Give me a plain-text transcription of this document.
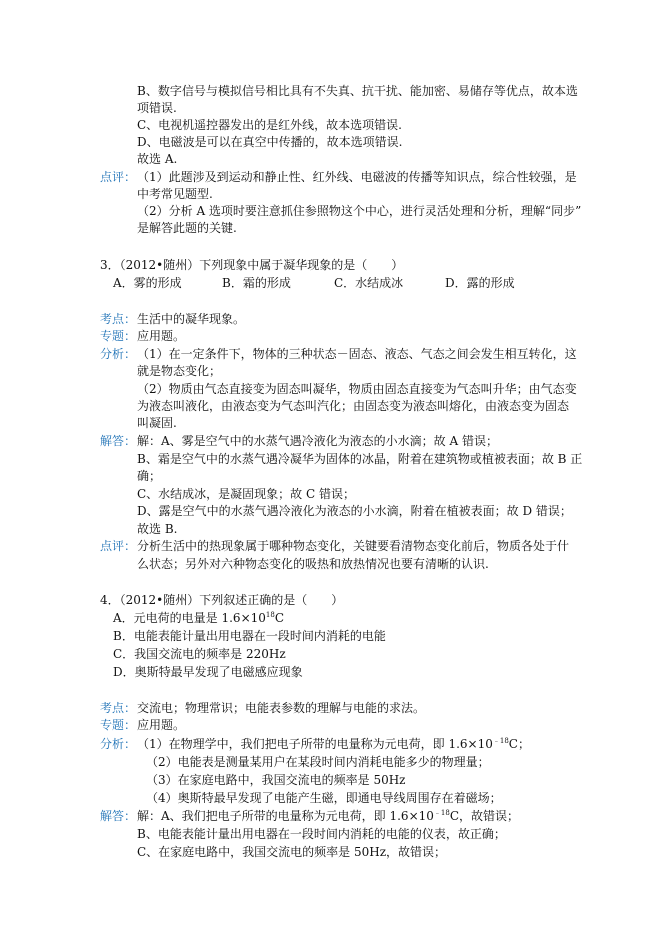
B、数字信号与模拟信号相比具有不失真、抗干扰、能加密、易储存等优点，故本选
项错误.
C、电视机遥控器发出的是红外线，故本选项错误.
D、电磁波是可以在真空中传播的，故本选项错误.
故选 A.
点评： （1）此题涉及到运动和静止性、红外线、电磁波的传播等知识点，综合性较强，是
中考常见题型.
（2）分析 A 选项时要注意抓住参照物这个中心，进行灵活处理和分析，理解“同步”
是解答此题的关键.
3．（2012•随州）下列现象中属于凝华现象的是（　　）
A．雾的形成	B．霜的形成	C．水结成冰	D．露的形成
考点： 生活中的凝华现象。
专题： 应用题。
分析： （1）在一定条件下，物体的三种状态－固态、液态、气态之间会发生相互转化，这
就是物态变化；
（2）物质由气态直接变为固态叫凝华，物质由固态直接变为气态叫升华；由气态变
为液态叫液化，由液态变为气态叫汽化；由固态变为液态叫熔化，由液态变为固态
叫凝固.
解答： 解：A、雾是空气中的水蒸气遇冷液化为液态的小水滴；故 A 错误；
B、霜是空气中的水蒸气遇冷凝华为固体的冰晶，附着在建筑物或植被表面；故 B 正
确；
C、水结成冰，是凝固现象；故 C 错误；
D、露是空气中的水蒸气遇冷液化为液态的小水滴，附着在植被表面；故 D 错误；
故选 B.
点评： 分析生活中的热现象属于哪种物态变化，关键要看清物态变化前后，物质各处于什
么状态；另外对六种物态变化的吸热和放热情况也要有清晰的认识.
4．（2012•随州）下列叙述正确的是（　　）
A．元电荷的电量是 $1.6\times 10^{18}C$
B．电能表能计量出用电器在一段时间内消耗的电能
C．我国交流电的频率是 220Hz
D．奥斯特最早发现了电磁感应现象
考点： 交流电；物理常识；电能表参数的理解与电能的求法。
专题： 应用题。
分析： （1）在物理学中，我们把电子所带的电量称为元电荷，即 $1.6\times 10^{﹣18}C$；
（2）电能表是测量某用户在某段时间内消耗电能多少的物理量；
（3）在家庭电路中，我国交流电的频率是 50Hz
（4）奥斯特最早发现了电能产生磁，即通电导线周围存在着磁场；
解答： 解：A、我们把电子所带的电量称为元电荷，即 $1.6\times 10^{﹣18}C$，故错误；
B、电能表能计量出用电器在一段时间内消耗的电能的仪表，故正确；
C、在家庭电路中，我国交流电的频率是 50Hz，故错误；
